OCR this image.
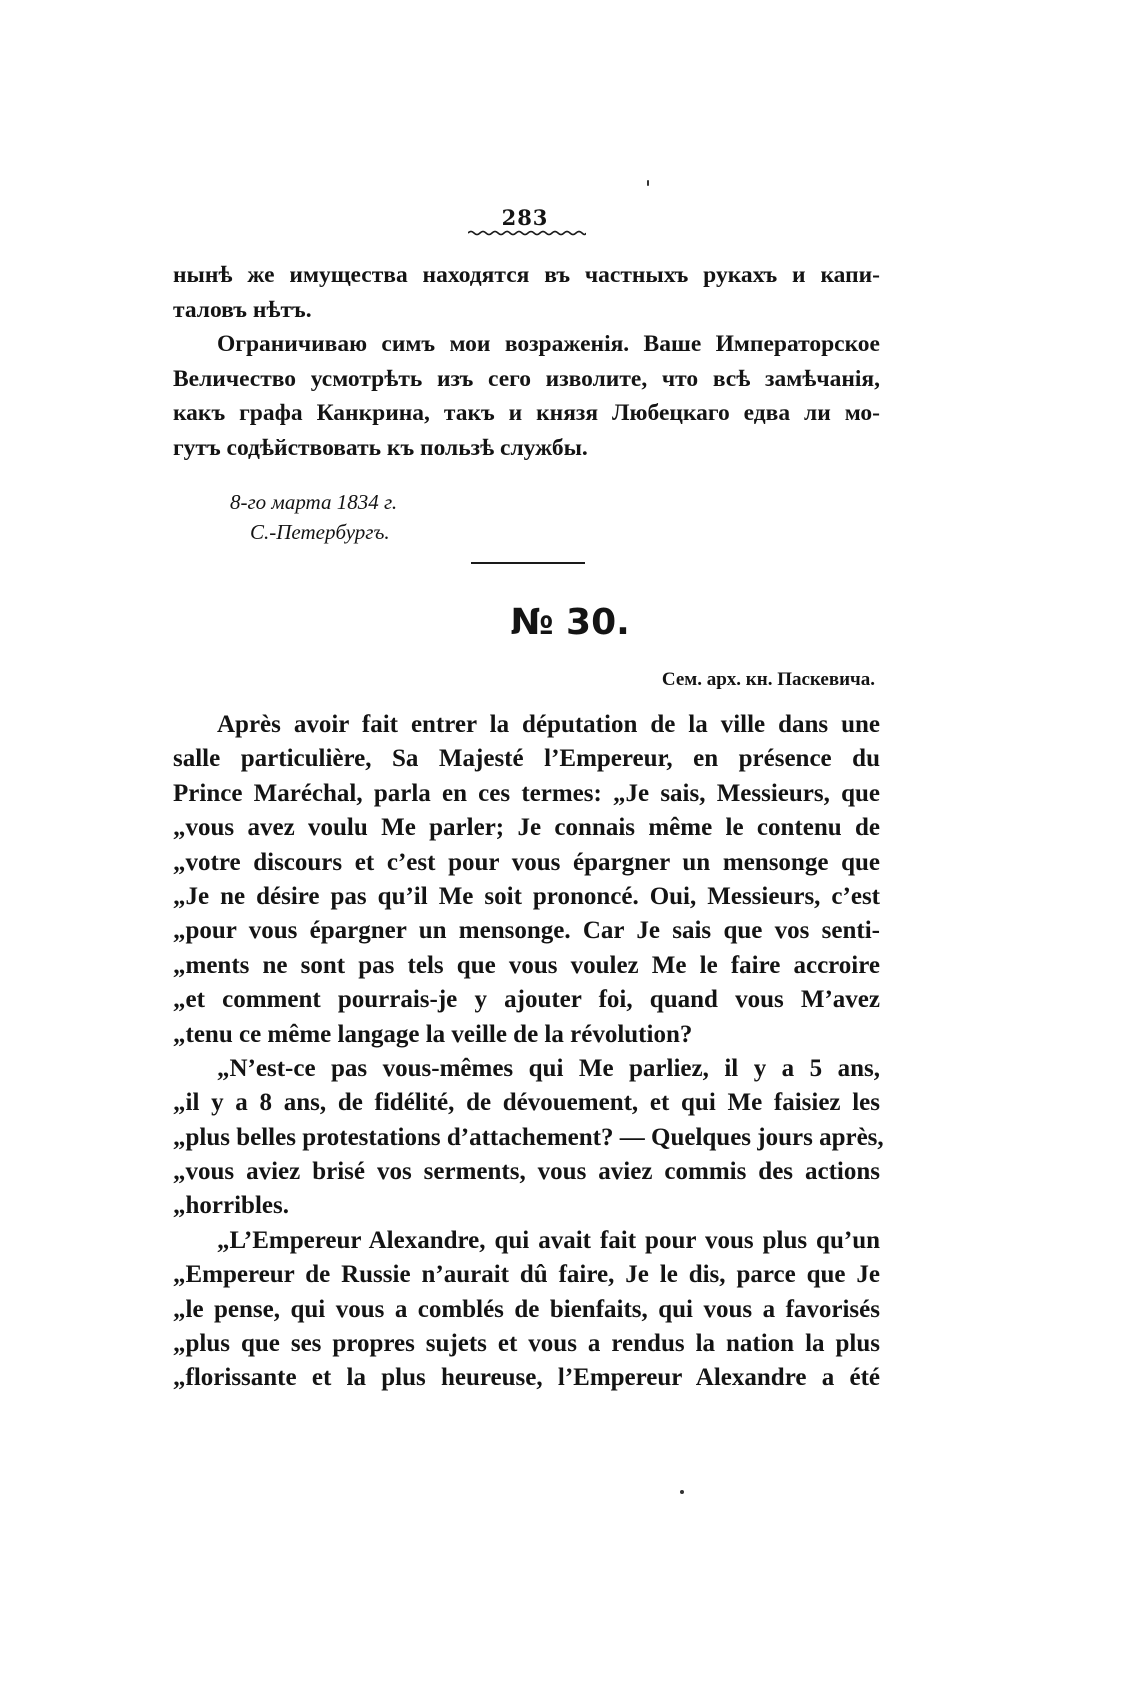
283
нынѣ же имущества находятся въ частныхъ рукахъ и капи-
таловъ нѣтъ.
Ограничиваю симъ мои возраженія. Ваше Императорское
Величество усмотрѣть изъ сего изволите, что всѣ замѣчанія,
какъ графа Канкрина, такъ и князя Любецкаго едва ли мо-
гутъ содѣйствовать къ пользѣ службы.
8-го марта 1834 г.
С.-Петербургъ.
№ 30.
Сем. арх. кн. Паскевича.
Après avoir fait entrer la députation de la ville dans une
salle particulière, Sa Majesté l’Empereur, en présence du
Prince Maréchal, parla en ces termes: „Je sais, Messieurs, que
„vous avez voulu Me parler; Je connais même le contenu de
„votre discours et c’est pour vous épargner un mensonge que
„Je ne désire pas qu’il Me soit prononcé. Oui, Messieurs, c’est
„pour vous épargner un mensonge. Car Je sais que vos senti-
„ments ne sont pas tels que vous voulez Me le faire accroire
„et comment pourrais-je y ajouter foi, quand vous M’avez
„tenu ce même langage la veille de la révolution?
„N’est-ce pas vous-mêmes qui Me parliez, il y a 5 ans,
„il y a 8 ans, de fidélité, de dévouement, et qui Me faisiez les
„plus belles protestations d’attachement? — Quelques jours après,
„vous aviez brisé vos serments, vous aviez commis des actions
„horribles.
„L’Empereur Alexandre, qui avait fait pour vous plus qu’un
„Empereur de Russie n’aurait dû faire, Je le dis, parce que Je
„le pense, qui vous a comblés de bienfaits, qui vous a favorisés
„plus que ses propres sujets et vous a rendus la nation la plus
„florissante et la plus heureuse, l’Empereur Alexandre a été
